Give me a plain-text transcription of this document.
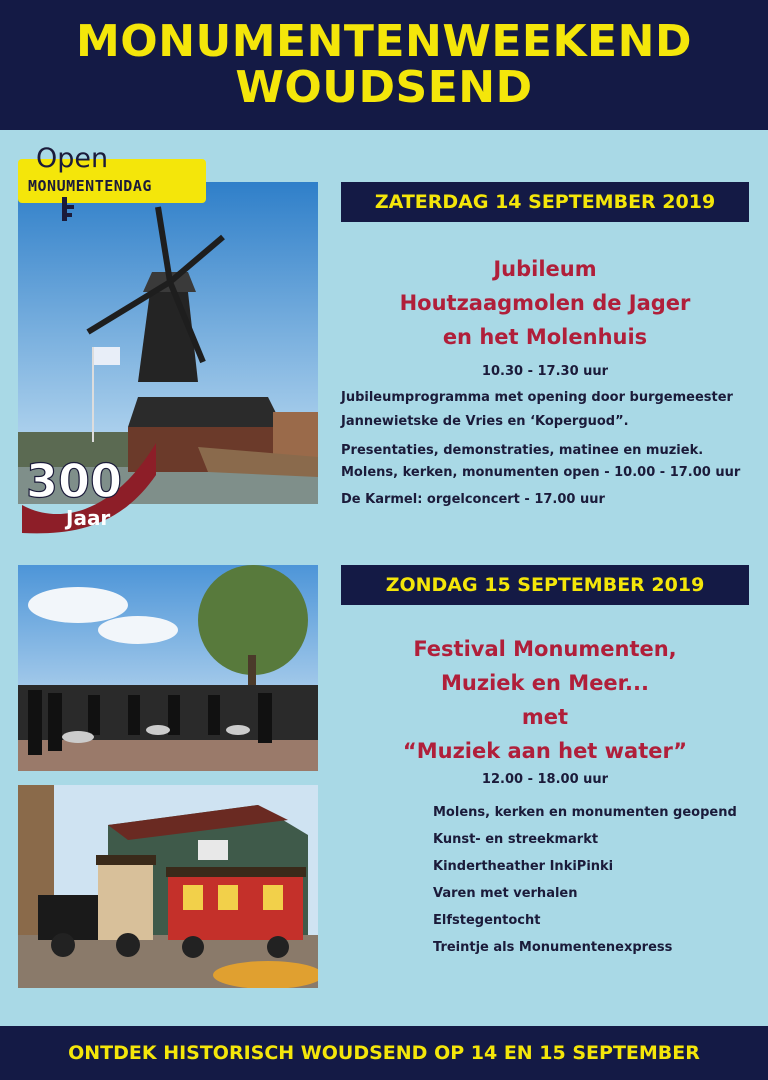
MONUMENTENWEEKEND
WOUDSEND
Open
MONUMENTENDAG
300
Jaar
ZATERDAG 14 SEPTEMBER 2019
Jubileum
Houtzaagmolen de Jager
en het Molenhuis
10.30 - 17.30 uur
Jubileumprogramma met opening door burgemeester
Jannewietske de Vries en ‘Koperguod”.
Presentaties, demonstraties, matinee en muziek.
Molens, kerken, monumenten open - 10.00 - 17.00 uur
De Karmel: orgelconcert - 17.00 uur
ZONDAG 15 SEPTEMBER 2019
Festival Monumenten,
Muziek en Meer...
met
“Muziek aan het water”
12.00 - 18.00 uur
Molens, kerken en monumenten geopend
Kunst- en streekmarkt
Kindertheather InkiPinki
Varen met verhalen
Elfstegentocht
Treintje als Monumentenexpress
ONTDEK HISTORISCH WOUDSEND OP 14 EN 15 SEPTEMBER
